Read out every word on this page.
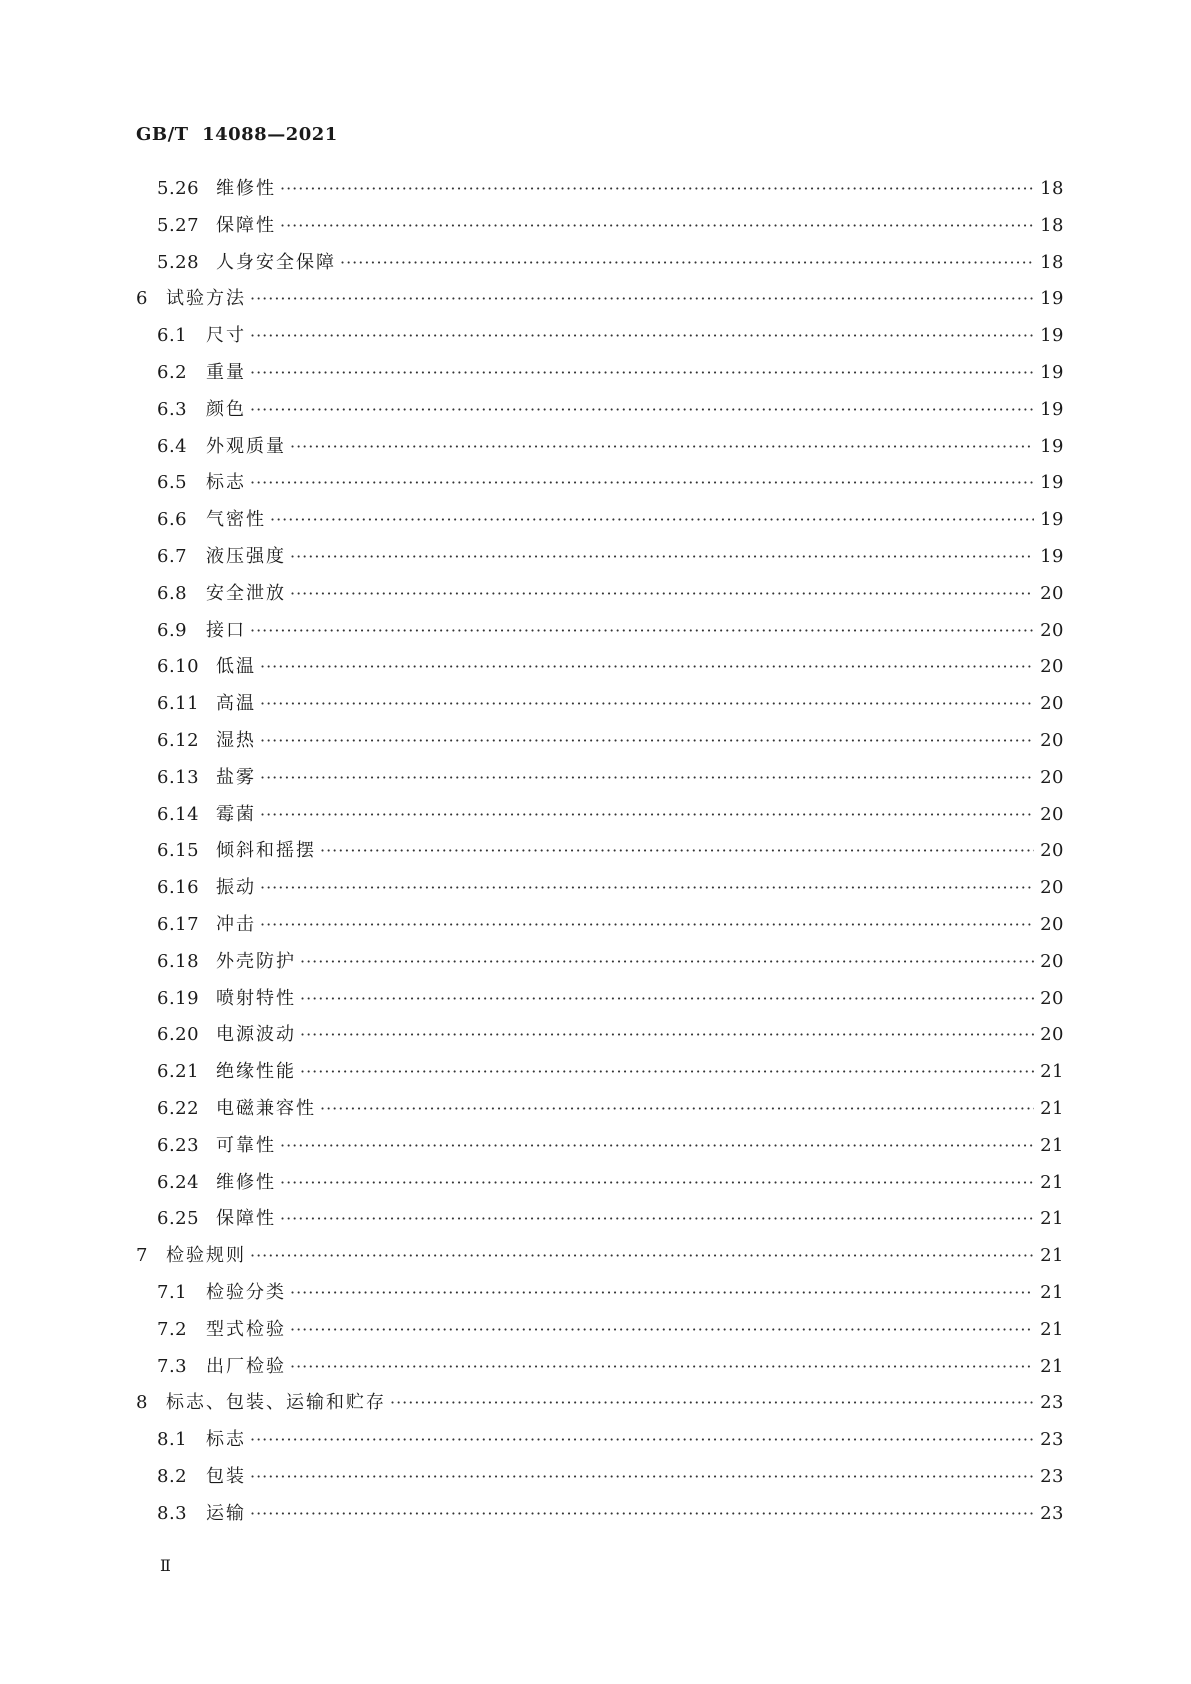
GB/T  14088—2021
5.26 维修性 ·····	18
5.27 保障性 ·····	18
5.28 人身安全保障 ·····	18
6	试验方法 ·····	19
6.1	尺寸 ·····	19
6.2	重量 ·····	19
6.3	颜色 ·····	19
6.4	外观质量 ·····	19
6.5	标志 ·····	19
6.6	气密性 ·····	19
6.7	液压强度 ·····	19
6.8	安全泄放 ·····	20
6.9	接口 ·····	20
6.10 低温 ·····	20
6.11 高温 ·····	20
6.12 湿热 ·····	20
6.13 盐雾 ·····	20
6.14 霉菌 ·····	20
6.15 倾斜和摇摆 ·····	20
6.16 振动 ·····	20
6.17 冲击 ·····	20
6.18 外壳防护 ·····	20
6.19 喷射特性 ·····	20
6.20 电源波动 ·····	20
6.21 绝缘性能 ·····	21
6.22 电磁兼容性 ·····	21
6.23 可靠性 ·····	21
6.24 维修性 ·····	21
6.25 保障性 ·····	21
7	检验规则 ·····	21
7.1	检验分类 ·····	21
7.2	型式检验 ·····	21
7.3	出厂检验 ·····	21
8	标志、包装、运输和贮存 ·····	23
8.1	标志 ·····	23
8.2	包装 ·····	23
8.3	运输 ·····	23
Ⅱ
